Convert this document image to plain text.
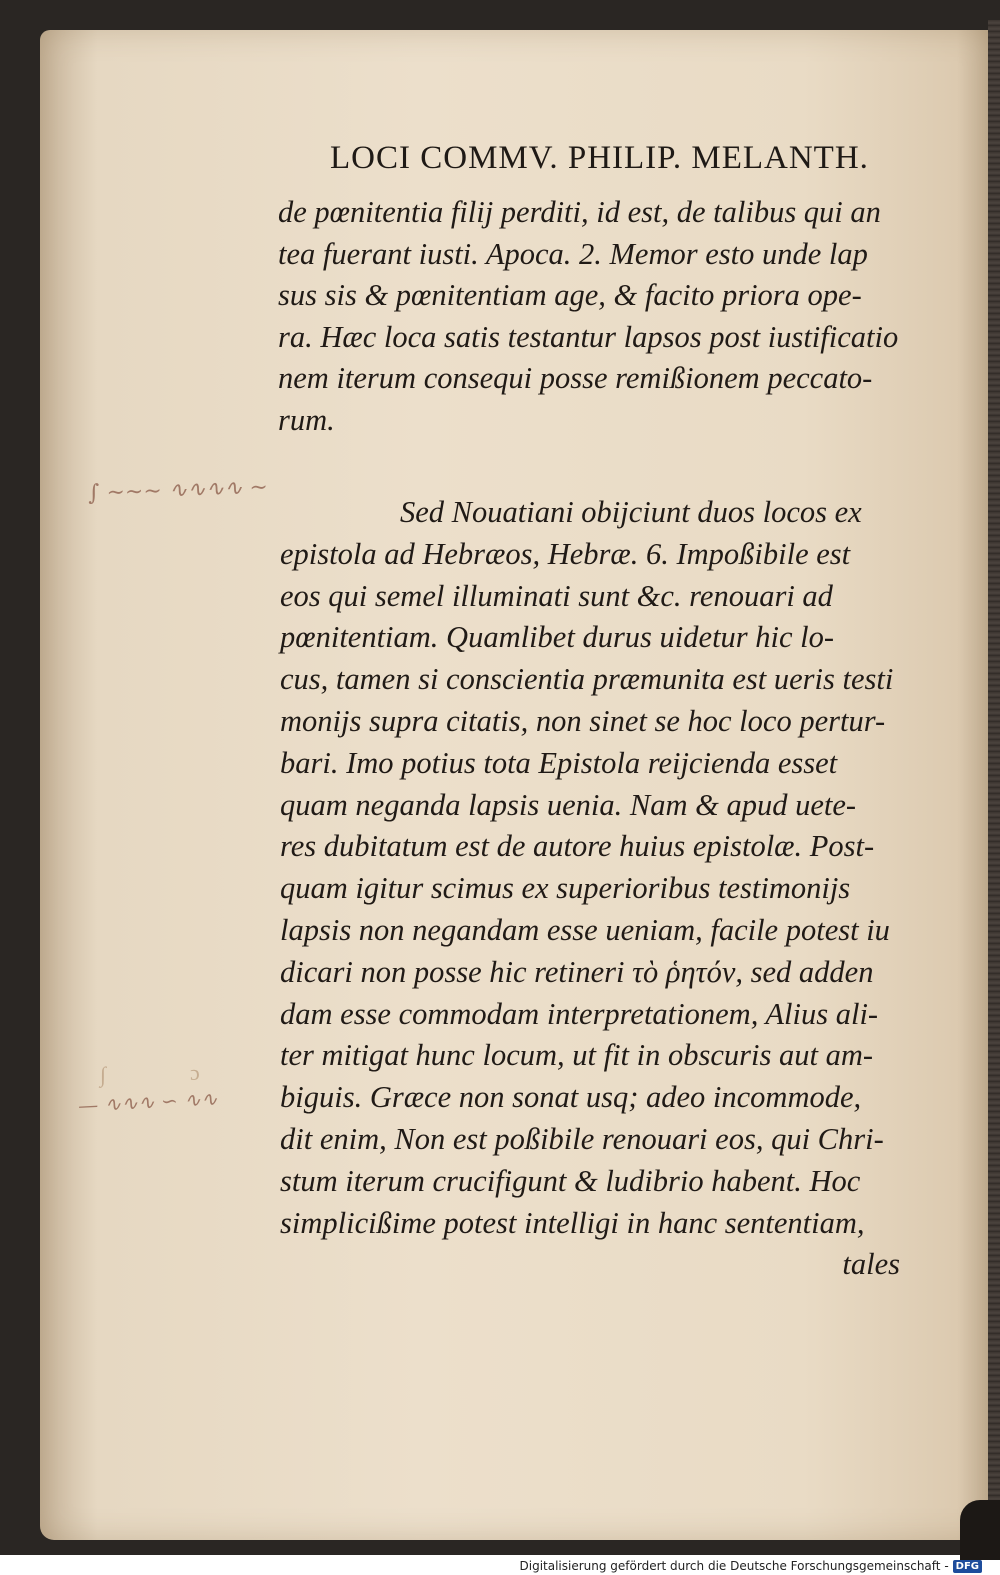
LOCI COMMV. PHILIP. MELANTH.
de pœnitentia filij perditi, id est, de talibus qui an
tea fuerant iusti. Apoca. 2. Memor esto unde lap
sus sis & pœnitentiam age, & facito priora ope-
ra. Hæc loca satis testantur lapsos post iustificatio
nem iterum consequi posse remißionem peccato-
rum.
∫ ~~~ ∿∿∿∿ ~
— ∿∿∿ ∽ ∿∿
∫	ɔ
Sed Nouatiani obijciunt duos locos ex
epistola ad Hebræos, Hebræ. 6. Impoßibile est
eos qui semel illuminati sunt &c. renouari ad
pœnitentiam. Quamlibet durus uidetur hic lo-
cus, tamen si conscientia præmunita est ueris testi
monijs supra citatis, non sinet se hoc loco pertur-
bari. Imo potius tota Epistola reijcienda esset
quam neganda lapsis uenia. Nam & apud uete-
res dubitatum est de autore huius epistolæ. Post-
quam igitur scimus ex superioribus testimonijs
lapsis non negandam esse ueniam, facile potest iu
dicari non posse hic retineri τὸ ῥητόν, sed adden
dam esse commodam interpretationem, Alius ali-
ter mitigat hunc locum, ut fit in obscuris aut am-
biguis. Græce non sonat usq; adeo incommode,
dit enim, Non est poßibile renouari eos, qui Chri-
stum iterum crucifigunt & ludibrio habent. Hoc
simplicißime potest intelligi in hanc sententiam,
tales
Digitalisierung gefördert durch die Deutsche Forschungsgemeinschaft - DFG
